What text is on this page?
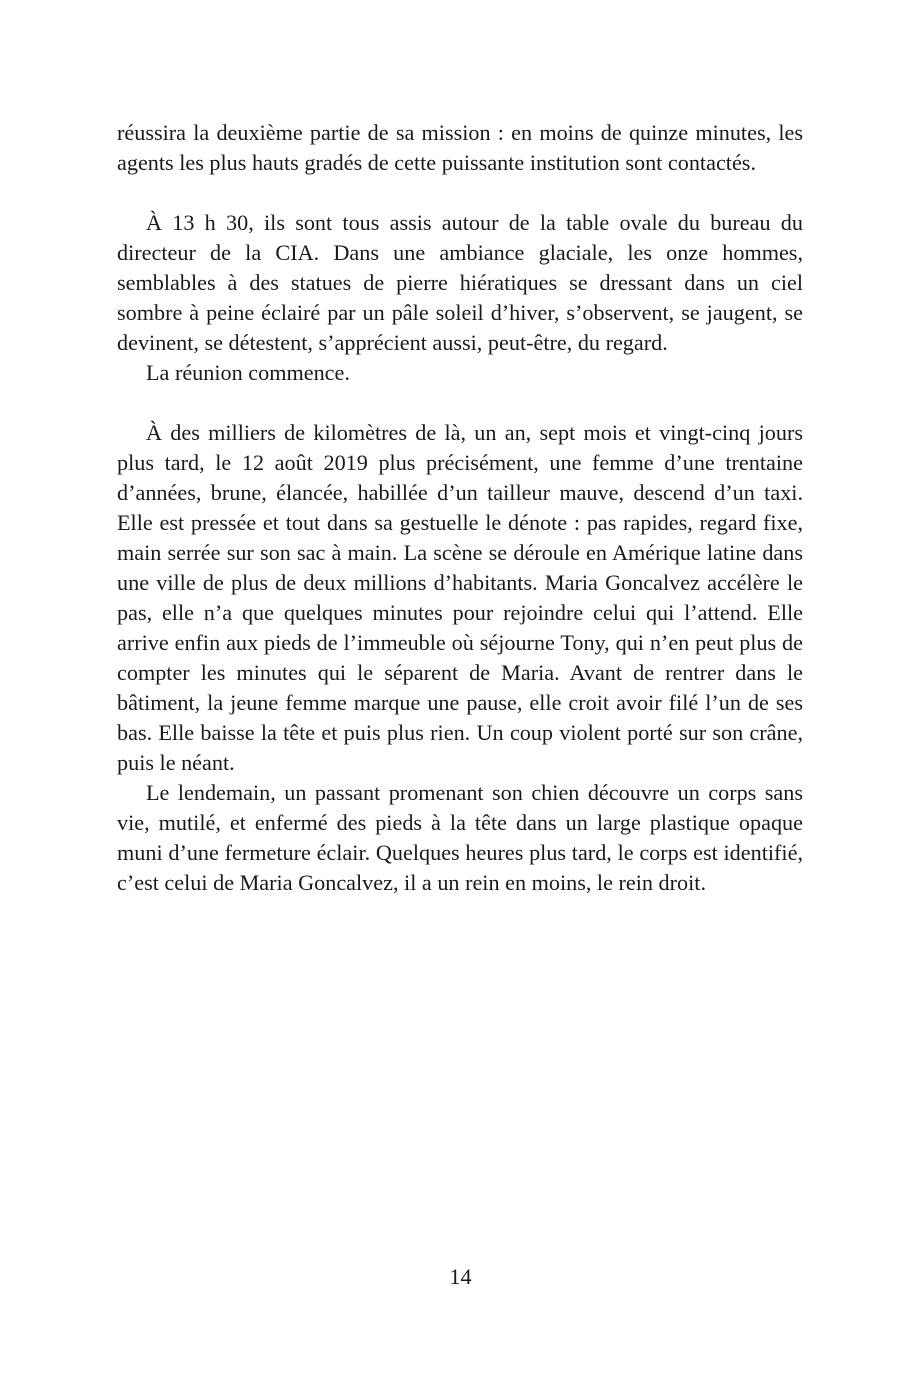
réussira la deuxième partie de sa mission : en moins de quinze minutes, les agents les plus hauts gradés de cette puissante institution sont contactés.

À 13 h 30, ils sont tous assis autour de la table ovale du bureau du directeur de la CIA. Dans une ambiance glaciale, les onze hommes, semblables à des statues de pierre hiératiques se dressant dans un ciel sombre à peine éclairé par un pâle soleil d’hiver, s’observent, se jaugent, se devinent, se détestent, s’apprécient aussi, peut-être, du regard.

La réunion commence.

À des milliers de kilomètres de là, un an, sept mois et vingt-cinq jours plus tard, le 12 août 2019 plus précisément, une femme d’une trentaine d’années, brune, élancée, habillée d’un tailleur mauve, descend d’un taxi. Elle est pressée et tout dans sa gestuelle le dénote : pas rapides, regard fixe, main serrée sur son sac à main. La scène se déroule en Amérique latine dans une ville de plus de deux millions d’habitants. Maria Goncalvez accélère le pas, elle n’a que quelques minutes pour rejoindre celui qui l’attend. Elle arrive enfin aux pieds de l’immeuble où séjourne Tony, qui n’en peut plus de compter les minutes qui le séparent de Maria. Avant de rentrer dans le bâtiment, la jeune femme marque une pause, elle croit avoir filé l’un de ses bas. Elle baisse la tête et puis plus rien. Un coup violent porté sur son crâne, puis le néant.

Le lendemain, un passant promenant son chien découvre un corps sans vie, mutilé, et enfermé des pieds à la tête dans un large plastique opaque muni d’une fermeture éclair. Quelques heures plus tard, le corps est identifié, c’est celui de Maria Goncalvez, il a un rein en moins, le rein droit.

14
